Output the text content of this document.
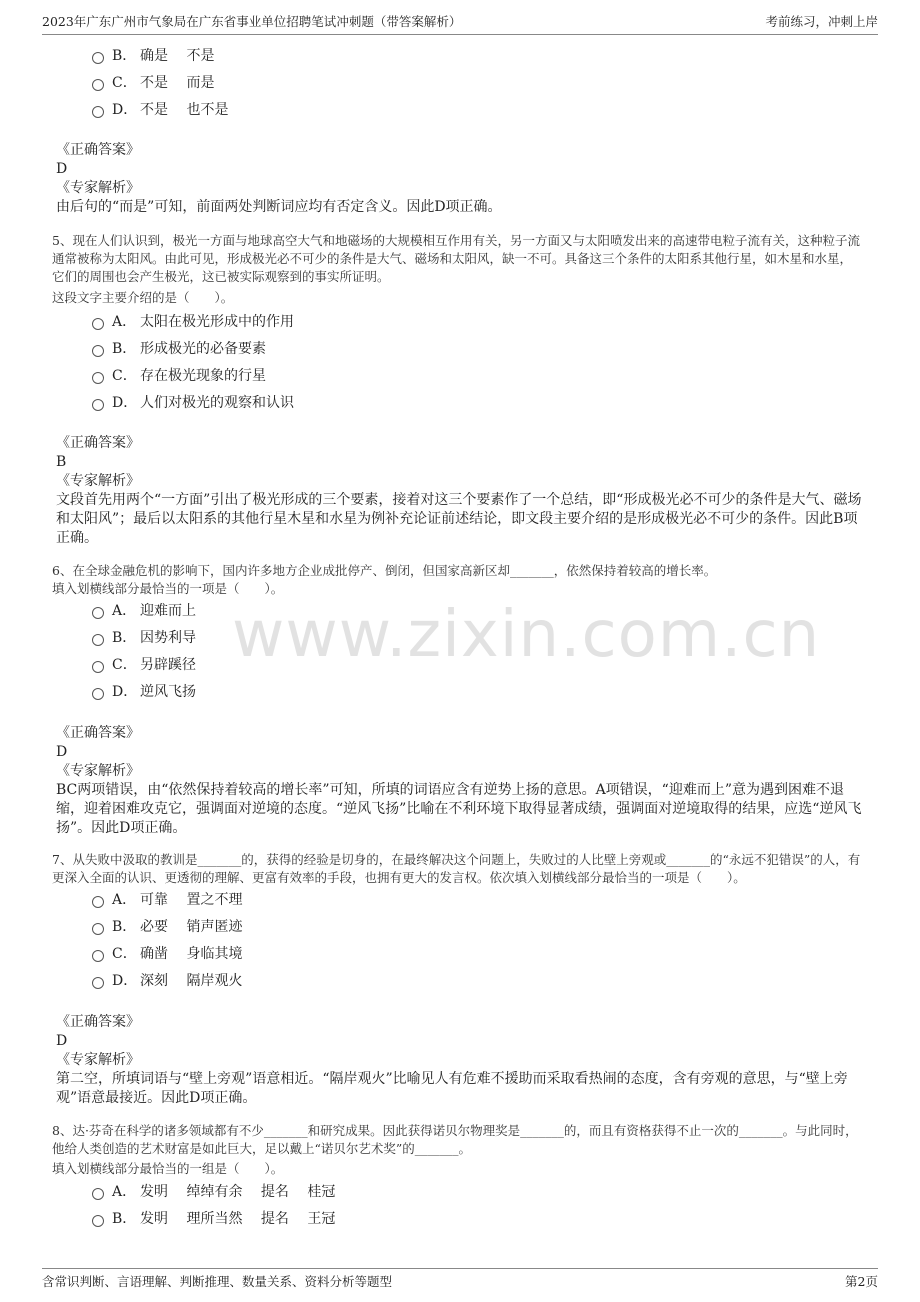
2023年广东广州市气象局在广东省事业单位招聘笔试冲刺题（带答案解析）	考前练习，冲刺上岸
www.zixin.com.cn
B． 确是　 不是
C． 不是　 而是
D． 不是　 也不是
《正确答案》
D
《专家解析》
由后句的“而是”可知，前面两处判断词应均有否定含义。因此D项正确。
5、现在人们认识到，极光一方面与地球高空大气和地磁场的大规模相互作用有关，另一方面又与太阳喷发出来的高速带电粒子流有关，这种粒子流通常被称为太阳风。由此可见，形成极光必不可少的条件是大气、磁场和太阳风，缺一不可。具备这三个条件的太阳系其他行星，如木星和水星，它们的周围也会产生极光，这已被实际观察到的事实所证明。
这段文字主要介绍的是（　　）。
A． 太阳在极光形成中的作用
B． 形成极光的必备要素
C． 存在极光现象的行星
D． 人们对极光的观察和认识
《正确答案》
B
《专家解析》
文段首先用两个“一方面”引出了极光形成的三个要素，接着对这三个要素作了一个总结，即“形成极光必不可少的条件是大气、磁场和太阳风”；最后以太阳系的其他行星木星和水星为例补充论证前述结论，即文段主要介绍的是形成极光必不可少的条件。因此B项正确。
6、在全球金融危机的影响下，国内许多地方企业成批停产、倒闭，但国家高新区却_______，依然保持着较高的增长率。
填入划横线部分最恰当的一项是（　　）。
A． 迎难而上
B． 因势利导
C． 另辟蹊径
D． 逆风飞扬
《正确答案》
D
《专家解析》
BC两项错误，由“依然保持着较高的增长率”可知，所填的词语应含有逆势上扬的意思。A项错误，“迎难而上”意为遇到困难不退缩，迎着困难攻克它，强调面对逆境的态度。“逆风飞扬”比喻在不利环境下取得显著成绩，强调面对逆境取得的结果，应选“逆风飞扬”。因此D项正确。
7、从失败中汲取的教训是_______的，获得的经验是切身的，在最终解决这个问题上，失败过的人比壁上旁观或_______的“永远不犯错误”的人，有更深入全面的认识、更透彻的理解、更富有效率的手段，也拥有更大的发言权。依次填入划横线部分最恰当的一项是（　　）。
A． 可靠　 置之不理
B． 必要　 销声匿迹
C． 确凿　 身临其境
D． 深刻　 隔岸观火
《正确答案》
D
《专家解析》
第二空，所填词语与“壁上旁观”语意相近。“隔岸观火”比喻见人有危难不援助而采取看热闹的态度，含有旁观的意思，与“壁上旁观”语意最接近。因此D项正确。
8、达·芬奇在科学的诸多领域都有不少_______和研究成果。因此获得诺贝尔物理奖是_______的，而且有资格获得不止一次的_______。与此同时，他给人类创造的艺术财富是如此巨大，足以戴上“诺贝尔艺术奖”的_______。
填入划横线部分最恰当的一组是（　　）。
A． 发明　 绰绰有余　 提名　 桂冠
B． 发明　 理所当然　 提名　 王冠
含常识判断、言语理解、判断推理、数量关系、资料分析等题型	第2页
